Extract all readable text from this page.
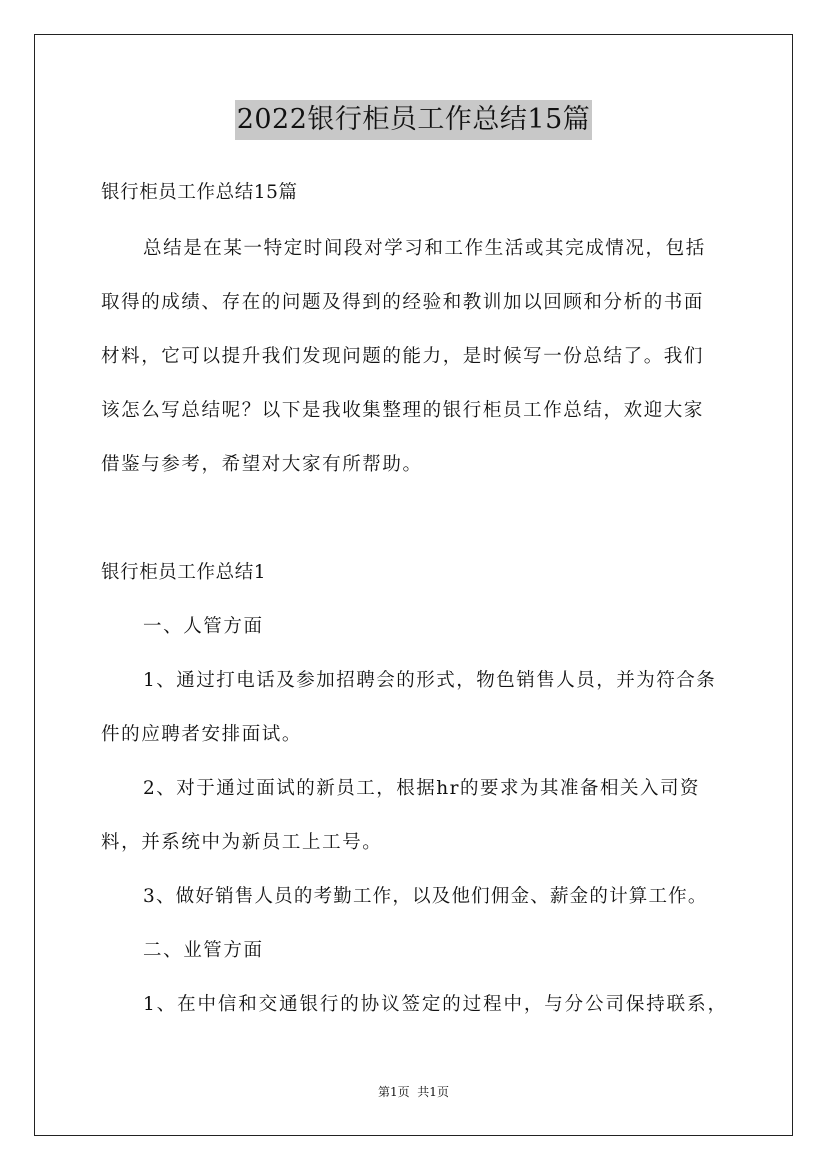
2022银行柜员工作总结15篇
银行柜员工作总结15篇
总结是在某一特定时间段对学习和工作生活或其完成情况，包括
取得的成绩、存在的问题及得到的经验和教训加以回顾和分析的书面
材料，它可以提升我们发现问题的能力，是时候写一份总结了。我们
该怎么写总结呢？以下是我收集整理的银行柜员工作总结，欢迎大家
借鉴与参考，希望对大家有所帮助。
银行柜员工作总结1
一、人管方面
1、通过打电话及参加招聘会的形式，物色销售人员，并为符合条
件的应聘者安排面试。
2、对于通过面试的新员工，根据hr的要求为其准备相关入司资
料，并系统中为新员工上工号。
3、做好销售人员的考勤工作，以及他们佣金、薪金的计算工作。
二、业管方面
1、在中信和交通银行的协议签定的过程中，与分公司保持联系，
第1页  共1页
